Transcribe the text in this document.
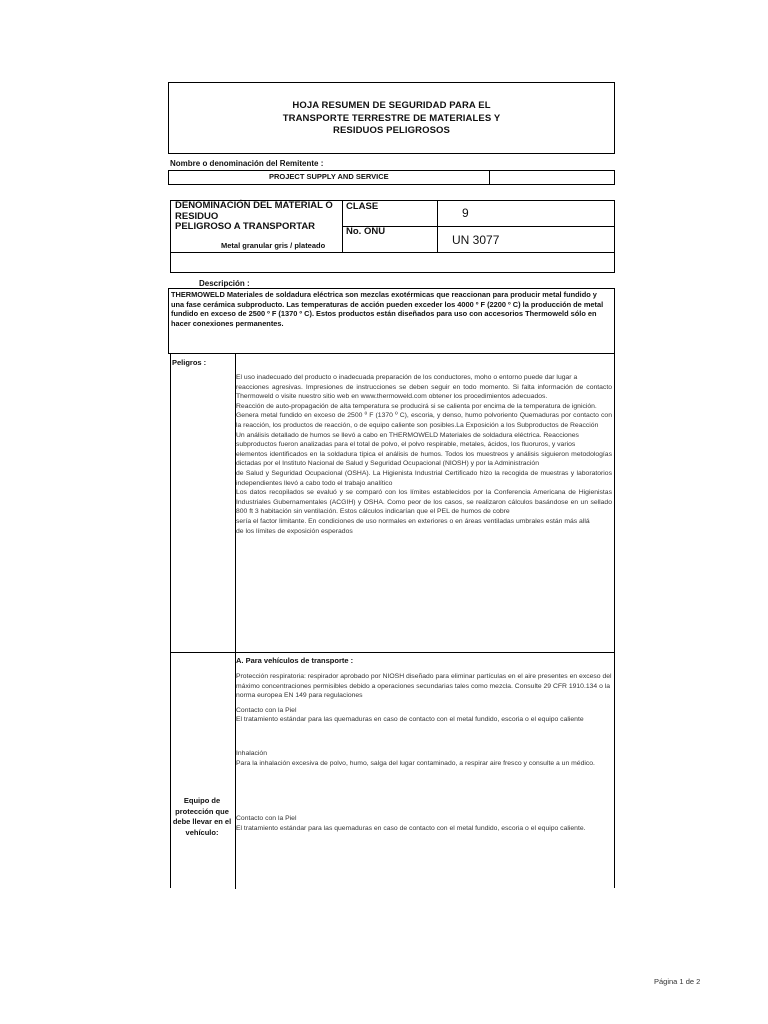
HOJA RESUMEN DE SEGURIDAD PARA EL
TRANSPORTE TERRESTRE DE MATERIALES Y
RESIDUOS PELIGROSOS
Nombre o denominación del Remitente :
PROJECT SUPPLY AND SERVICE
DENOMINACIÓN DEL MATERIAL O RESIDUO
PELIGROSO A TRANSPORTAR
Metal granular gris / plateado
CLASE	9
No. ONU
UN 3077
Descripción :
THERMOWELD Materiales de soldadura eléctrica son mezclas exotérmicas que reaccionan para producir metal fundido y una fase cerámica subproducto. Las temperaturas de acción pueden exceder los 4000 º F (2200 º C) la producción de metal fundido en exceso de 2500 º F (1370 º C). Estos productos están diseñados para uso con accesorios Thermoweld sólo en hacer conexiones permanentes.
Peligros :

El uso inadecuado del producto o inadecuada preparación de los conductores, moho o entorno puede dar lugar a

reacciones agresivas. Impresiones de instrucciones se deben seguir en todo momento. Si falta información de contacto Thermoweld o visite nuestro sitio web en www.thermoweld.com obtener los procedimientos adecuados.

Reacción de auto-propagación de alta temperatura se producirá si se calienta por encima de la temperatura de ignición.

Genera metal fundido en exceso de 2500 º F (1370 º C), escoria, y denso, humo polvoriento Quemaduras por contacto con la reacción, los productos de reacción, o de equipo caliente son posibles.La Exposición a los Subproductos de Reacción

Un análisis detallado de humos se llevó a cabo en THERMOWELD Materiales de soldadura eléctrica. Reacciones

subproductos fueron analizadas para el total de polvo, el polvo respirable, metales, ácidos, los fluoruros, y varios

elementos identificados en la soldadura típica el análisis de humos. Todos los muestreos y análisis siguieron metodologías dictadas por el Instituto Nacional de Salud y Seguridad Ocupacional (NIOSH) y por la Administración

de Salud y Seguridad Ocupacional (OSHA). La Higienista Industrial Certificado hizo la recogida de muestras y laboratorios independientes llevó a cabo todo el trabajo analítico

Los datos recopilados se evaluó y se comparó con los límites establecidos por la Conferencia Americana de Higienistas Industriales Gubernamentales (ACGIH) y OSHA. Como peor de los casos, se realizaron cálculos basándose en un sellado 800 ft 3 habitación sin ventilación. Estos cálculos indicarían que el PEL de humos de cobre

sería el factor limitante. En condiciones de uso normales en exteriores o en áreas ventiladas umbrales están más allá

de los límites de exposición esperados

Equipo de
protección que
debe llevar en el
vehículo:
A. Para vehículos de transporte :

Protección respiratoria: respirador aprobado por NIOSH diseñado para eliminar partículas en el aire presentes en exceso del máximo concentraciones permisibles debido a operaciones secundarias tales como mezcla. Consulte 29 CFR 1910.134 o la norma europea EN 149 para regulaciones

Contacto con la Piel

El tratamiento estándar para las quemaduras en caso de contacto con el metal fundido, escoria o el equipo caliente

Inhalación

Para la inhalación excesiva de polvo, humo, salga del lugar contaminado, a respirar aire fresco y consulte a un médico.

Contacto con la Piel

El tratamiento estándar para las quemaduras en caso de contacto con el metal fundido, escoria o el equipo caliente.

Página 1 de 2
